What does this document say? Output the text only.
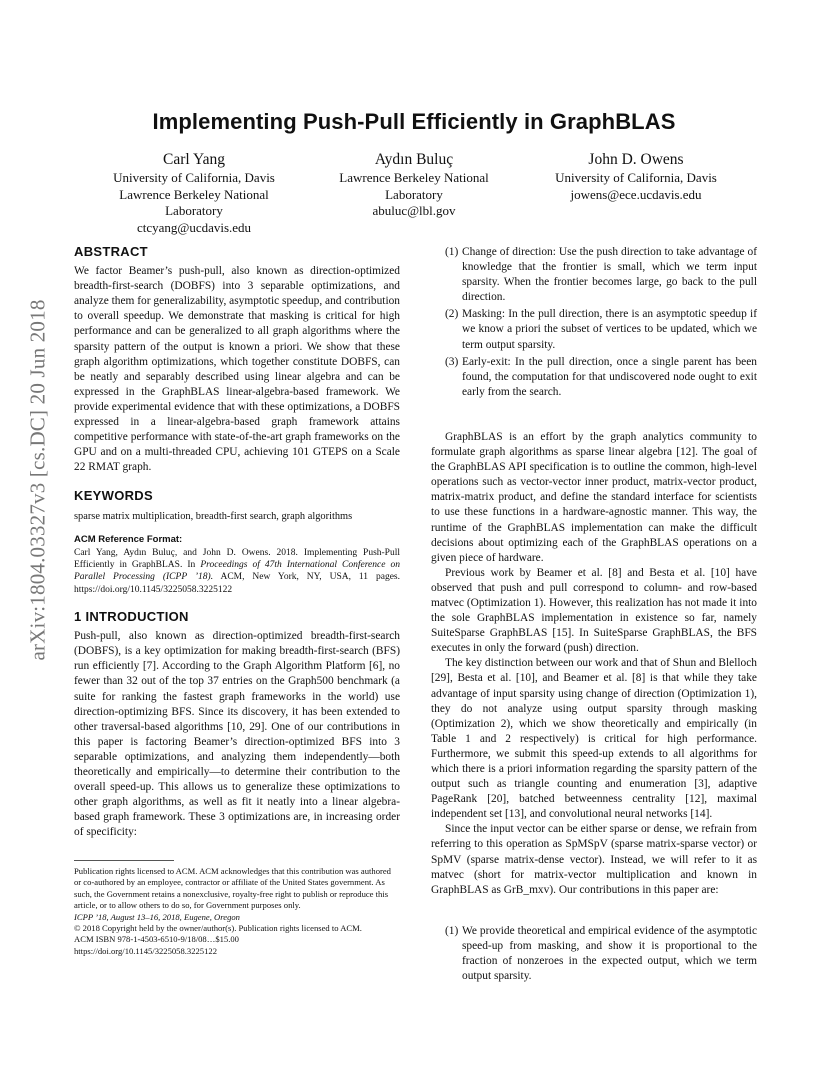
Implementing Push-Pull Efficiently in GraphBLAS
Carl Yang
University of California, Davis
Lawrence Berkeley National
Laboratory
ctcyang@ucdavis.edu
Aydın Buluç
Lawrence Berkeley National
Laboratory
abuluc@lbl.gov
John D. Owens
University of California, Davis
jowens@ece.ucdavis.edu
arXiv:1804.03327v3 [cs.DC] 20 Jun 2018
ABSTRACT

We factor Beamer’s push-pull, also known as direction-optimized breadth-first-search (DOBFS) into 3 separable optimizations, and analyze them for generalizability, asymptotic speedup, and contribution to overall speedup. We demonstrate that masking is critical for high performance and can be generalized to all graph algorithms where the sparsity pattern of the output is known a priori. We show that these graph algorithm optimizations, which together constitute DOBFS, can be neatly and separably described using linear algebra and can be expressed in the GraphBLAS linear-algebra-based framework. We provide experimental evidence that with these optimizations, a DOBFS expressed in a linear-algebra-based graph framework attains competitive performance with state-of-the-art graph frameworks on the GPU and on a multi-threaded CPU, achieving 101 GTEPS on a Scale 22 RMAT graph.

KEYWORDS

sparse matrix multiplication, breadth-first search, graph algorithms

ACM Reference Format:
Carl Yang, Aydın Buluç, and John D. Owens. 2018. Implementing Push-Pull Efficiently in GraphBLAS. In Proceedings of 47th International Conference on Parallel Processing (ICPP ’18). ACM, New York, NY, USA, 11 pages. https://doi.org/10.1145/3225058.3225122
1 INTRODUCTION

Push-pull, also known as direction-optimized breadth-first-search (DOBFS), is a key optimization for making breadth-first-search (BFS) run efficiently [7]. According to the Graph Algorithm Platform [6], no fewer than 32 out of the top 37 entries on the Graph500 benchmark (a suite for ranking the fastest graph frameworks in the world) use direction-optimizing BFS. Since its discovery, it has been extended to other traversal-based algorithms [10, 29]. One of our contributions in this paper is factoring Beamer’s direction-optimized BFS into 3 separable optimizations, and analyzing them independently—both theoretically and empirically—to determine their contribution to the overall speed-up. This allows us to generalize these optimizations to other graph algorithms, as well as fit it neatly into a linear algebra-based graph framework. These 3 optimizations are, in increasing order of specificity:

Publication rights licensed to ACM. ACM acknowledges that this contribution was authored or co-authored by an employee, contractor or affiliate of the United States government. As such, the Government retains a nonexclusive, royalty-free right to publish or reproduce this article, or to allow others to do so, for Government purposes only.
ICPP ’18, August 13–16, 2018, Eugene, Oregon
© 2018 Copyright held by the owner/author(s). Publication rights licensed to ACM.
ACM ISBN 978-1-4503-6510-9/18/08…$15.00
https://doi.org/10.1145/3225058.3225122
(1) Change of direction: Use the push direction to take advantage of knowledge that the frontier is small, which we term input sparsity. When the frontier becomes large, go back to the pull direction.
(2) Masking: In the pull direction, there is an asymptotic speedup if we know a priori the subset of vertices to be updated, which we term output sparsity.
(3) Early-exit: In the pull direction, once a single parent has been found, the computation for that undiscovered node ought to exit early from the search.

GraphBLAS is an effort by the graph analytics community to formulate graph algorithms as sparse linear algebra [12]. The goal of the GraphBLAS API specification is to outline the common, high-level operations such as vector-vector inner product, matrix-vector product, matrix-matrix product, and define the standard interface for scientists to use these functions in a hardware-agnostic manner. This way, the runtime of the GraphBLAS implementation can make the difficult decisions about optimizing each of the GraphBLAS operations on a given piece of hardware.

Previous work by Beamer et al. [8] and Besta et al. [10] have observed that push and pull correspond to column- and row-based matvec (Optimization 1). However, this realization has not made it into the sole GraphBLAS implementation in existence so far, namely SuiteSparse GraphBLAS [15]. In SuiteSparse GraphBLAS, the BFS executes in only the forward (push) direction.

The key distinction between our work and that of Shun and Blelloch [29], Besta et al. [10], and Beamer et al. [8] is that while they take advantage of input sparsity using change of direction (Optimization 1), they do not analyze using output sparsity through masking (Optimization 2), which we show theoretically and empirically (in Table 1 and 2 respectively) is critical for high performance. Furthermore, we submit this speed-up extends to all algorithms for which there is a priori information regarding the sparsity pattern of the output such as triangle counting and enumeration [3], adaptive PageRank [20], batched betweenness centrality [12], maximal independent set [13], and convolutional neural networks [14].

Since the input vector can be either sparse or dense, we refrain from referring to this operation as SpMSpV (sparse matrix-sparse vector) or SpMV (sparse matrix-dense vector). Instead, we will refer to it as matvec (short for matrix-vector multiplication and known in GraphBLAS as GrB_mxv). Our contributions in this paper are:

(1) We provide theoretical and empirical evidence of the asymptotic speed-up from masking, and show it is proportional to the fraction of nonzeroes in the expected output, which we term output sparsity.
